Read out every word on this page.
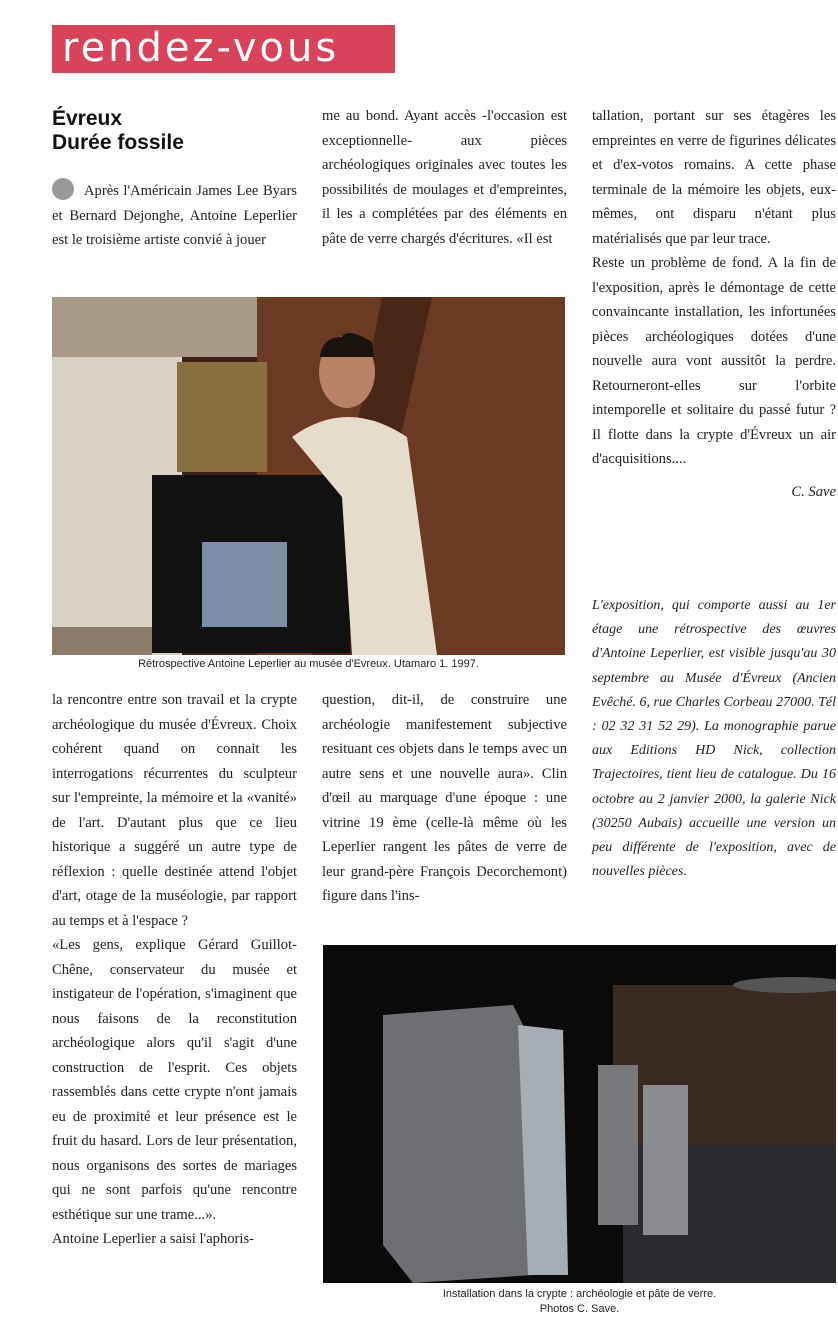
rendez-vous
Évreux
Durée fossile

Après l'Américain James Lee Byars et Bernard Dejonghe, Antoine Leperlier est le troisième artiste convié à jouer

me au bond. Ayant accès -l'occasion est exceptionnelle- aux pièces archéologiques originales avec toutes les possibilités de moulages et d'empreintes, il les a complétées par des éléments en pâte de verre chargés d'écritures. «Il est

tallation, portant sur ses étagères les empreintes en verre de figurines délicates et d'ex-votos romains. A cette phase terminale de la mémoire les objets, eux-mêmes, ont disparu n'étant plus matérialisés que par leur trace.

Reste un problème de fond. A la fin de l'exposition, après le démontage de cette convaincante installation, les infortunées pièces archéologiques dotées d'une nouvelle aura vont aussitôt la perdre. Retourneront-elles sur l'orbite intemporelle et solitaire du passé futur ? Il flotte dans la crypte d'Évreux un air d'acquisitions....

C. Save

L'exposition, qui comporte aussi au 1er étage une rétrospective des œuvres d'Antoine Leperlier, est visible jusqu'au 30 septembre au Musée d'Évreux (Ancien Evêché. 6, rue Charles Corbeau 27000. Tél : 02 32 31 52 29). La monographie parue aux Editions HD Nick, collection Trajectoires, tient lieu de catalogue. Du 16 octobre au 2 janvier 2000, la galerie Nick (30250 Aubais) accueille une version un peu différente de l'exposition, avec de nouvelles pièces.

Rétrospective Antoine Leperlier au musée d'Evreux. Utamaro 1. 1997.

la rencontre entre son travail et la crypte archéologique du musée d'Évreux. Choix cohérent quand on connait les interrogations récurrentes du sculpteur sur l'empreinte, la mémoire et la «vanité» de l'art. D'autant plus que ce lieu historique a suggéré un autre type de réflexion : quelle destinée attend l'objet d'art, otage de la muséologie, par rapport au temps et à l'espace ?

«Les gens, explique Gérard Guillot-Chêne, conservateur du musée et instigateur de l'opération, s'imaginent que nous faisons de la reconstitution archéologique alors qu'il s'agit d'une construction de l'esprit. Ces objets rassemblés dans cette crypte n'ont jamais eu de proximité et leur présence est le fruit du hasard. Lors de leur présentation, nous organisons des sortes de mariages qui ne sont parfois qu'une rencontre esthétique sur une trame...».

Antoine Leperlier a saisi l'aphoris-

question, dit-il, de construire une archéologie manifestement subjective resituant ces objets dans le temps avec un autre sens et une nouvelle aura». Clin d'œil au marquage d'une époque : une vitrine 19 ème (celle-là même où les Leperlier rangent les pâtes de verre de leur grand-père François Decorchemont) figure dans l'ins-

Installation dans la crypte : archéologie et pâte de verre.
Photos C. Save.
